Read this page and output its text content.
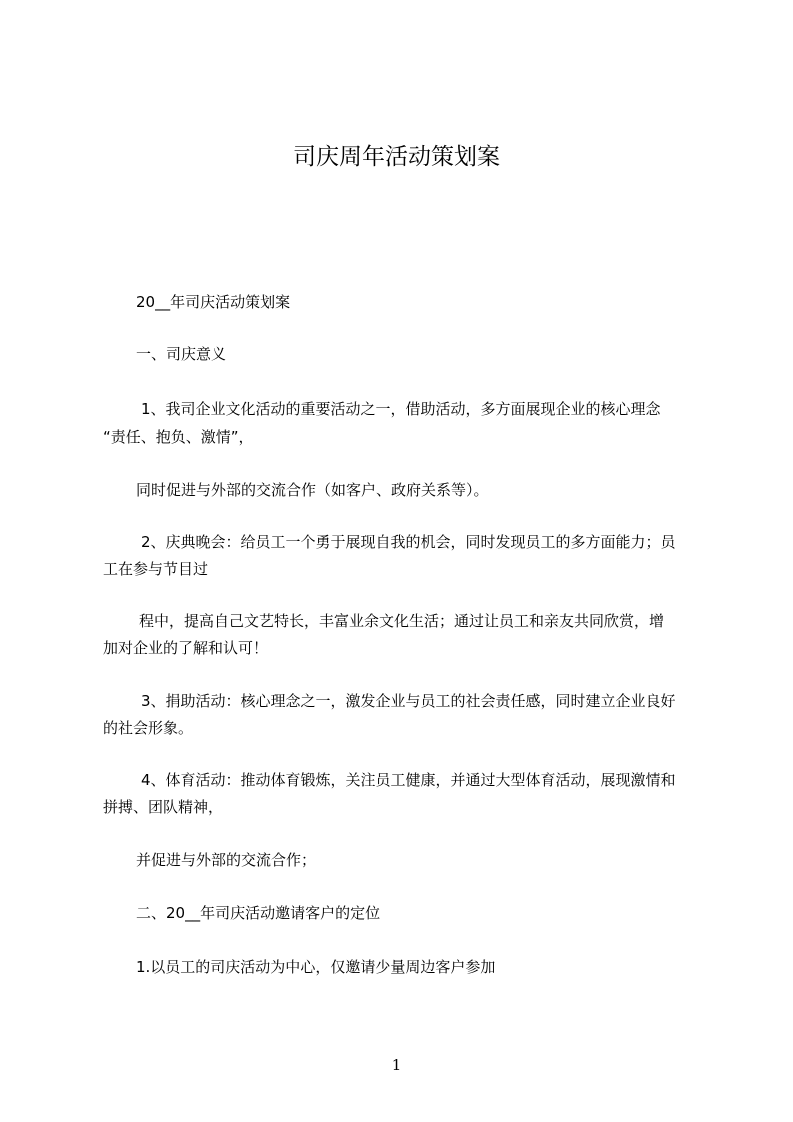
司庆周年活动策划案
20__年司庆活动策划案
一、司庆意义
1、我司企业文化活动的重要活动之一，借助活动，多方面展现企业的核心理念
“责任、抱负、激情”，
同时促进与外部的交流合作（如客户、政府关系等）。
2、庆典晚会：给员工一个勇于展现自我的机会，同时发现员工的多方面能力；员
工在参与节目过
程中，提高自己文艺特长，丰富业余文化生活；通过让员工和亲友共同欣赏，增
加对企业的了解和认可！
3、捐助活动：核心理念之一，激发企业与员工的社会责任感，同时建立企业良好
的社会形象。
4、体育活动：推动体育锻炼，关注员工健康，并通过大型体育活动，展现激情和
拼搏、团队精神，
并促进与外部的交流合作；
二、20__年司庆活动邀请客户的定位
1.以员工的司庆活动为中心，仅邀请少量周边客户参加
1
